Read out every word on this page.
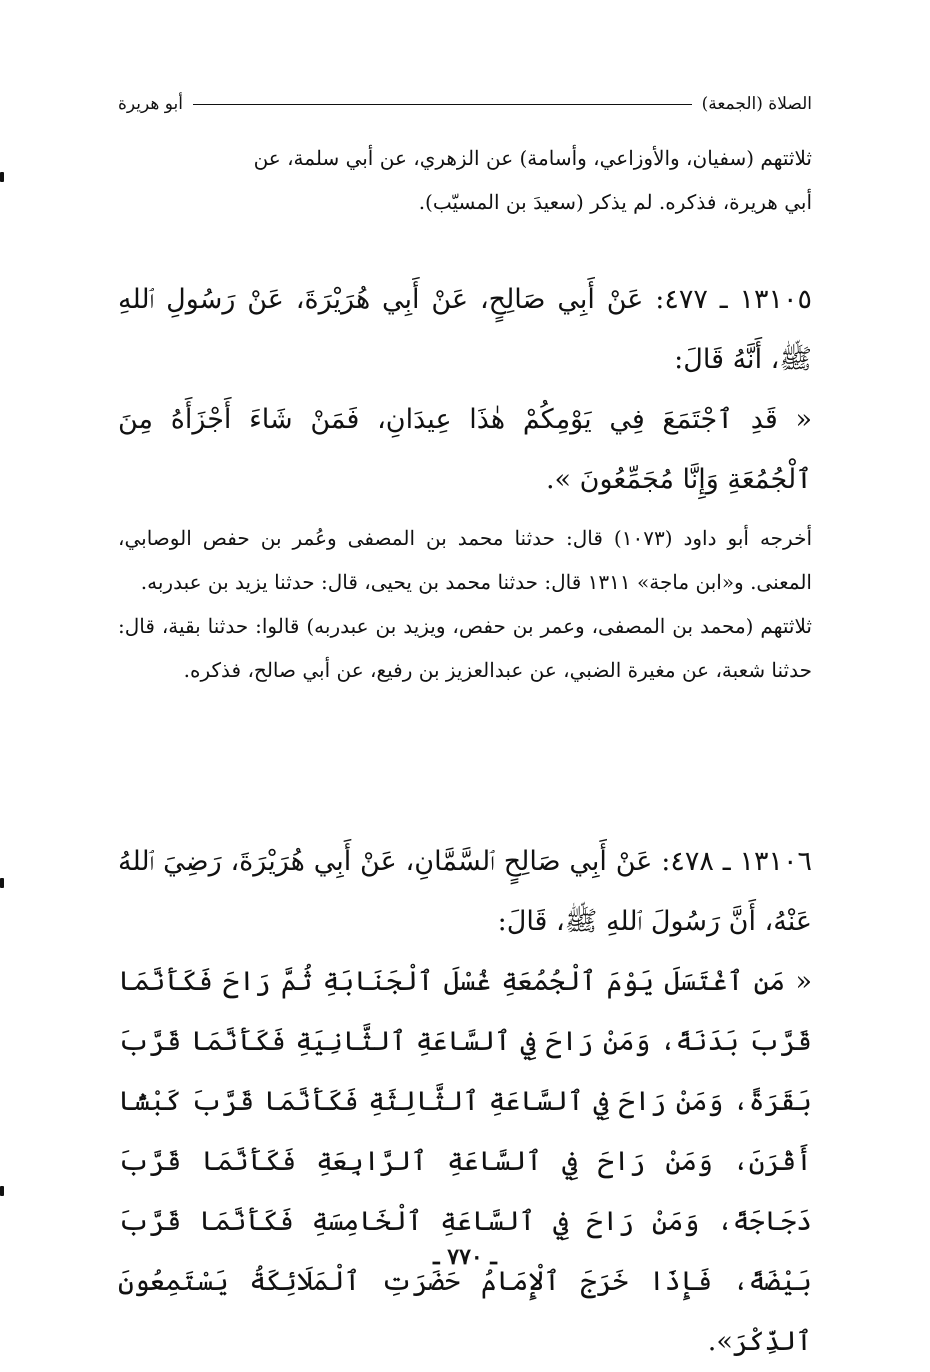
الصلاة (الجمعة)
أبو هريرة

ثلاثتهم (سفيان، والأوزاعي، وأسامة) عن الزهري، عن أبي سلمة، عن

أبي هريرة، فذكره. لم يذكر (سعيدَ بن المسيّب).

١٣١٠٥ ـ ٤٧٧: عَنْ أَبِي صَالِحٍ، عَنْ أَبِي هُرَيْرَةَ، عَنْ رَسُولِ ٱللهِ ﷺ، أَنَّهُ قَالَ:

« قَدِ ٱجْتَمَعَ فِي يَوْمِكُمْ هٰذَا عِيدَانِ، فَمَنْ شَاءَ أَجْزَأَهُ مِنَ ٱلْجُمُعَةِ وَإِنَّا مُجَمِّعُونَ ».

أخرجه أبو داود (١٠٧٣) قال: حدثنا محمد بن المصفى وعُمر بن حفص الوصابي، المعنى. و«ابن ماجة» ١٣١١ قال: حدثنا محمد بن يحيى، قال: حدثنا يزيد بن عبدربه.

ثلاثتهم (محمد بن المصفى، وعمر بن حفص، ويزيد بن عبدربه) قالوا: حدثنا بقية، قال: حدثنا شعبة، عن مغيرة الضبي، عن عبدالعزيز بن رفيع، عن أبي صالح، فذكره.

١٣١٠٦ ـ ٤٧٨: عَنْ أَبِي صَالِحٍ ٱلسَّمَّانِ، عَنْ أَبِي هُرَيْرَةَ، رَضِيَ ٱللهُ عَنْهُ، أَنَّ رَسُولَ ٱللهِ ﷺ، قَالَ:

« مَنِ ٱغْتَسَلَ يَوْمَ ٱلْجُمُعَةِ غُسْلَ ٱلْجَنَابَةِ ثُمَّ رَاحَ فَكَأَنَّمَا قَرَّبَ بَدَنَةً، وَمَنْ رَاحَ فِي ٱلسَّاعَةِ ٱلثَّانِيَةِ فَكَأَنَّمَا قَرَّبَ بَقَرَةً، وَمَنْ رَاحَ فِي ٱلسَّاعَةِ ٱلثَّالِثَةِ فَكَأَنَّمَا قَرَّبَ كَبْشًا أَقْرَنَ، وَمَنْ رَاحَ فِي ٱلسَّاعَةِ ٱلرَّابِعَةِ فَكَأَنَّمَا قَرَّبَ دَجَاجَةً، وَمَنْ رَاحَ فِي ٱلسَّاعَةِ ٱلْخَامِسَةِ فَكَأَنَّمَا قَرَّبَ بَيْضَةً، فَإِذَا خَرَجَ ٱلْإِمَامُ حَضَرَتِ ٱلْمَلَائِكَةُ يَسْتَمِعُونَ ٱلذِّكْرَ».

ـ ٧٧٠ ـ
